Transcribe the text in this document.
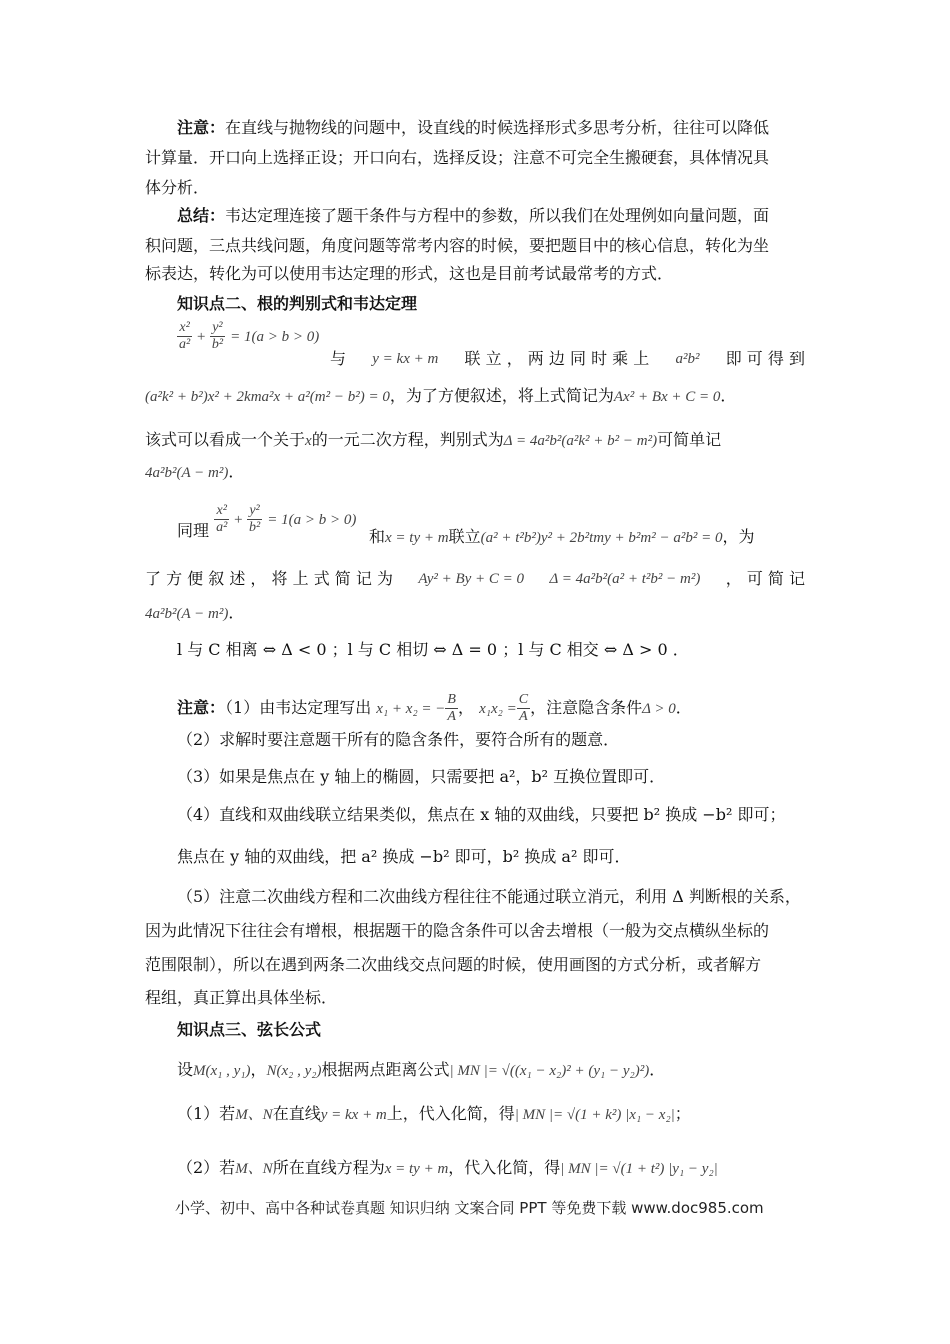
注意：在直线与抛物线的问题中，设直线的时候选择形式多思考分析，往往可以降低
计算量．开口向上选择正设；开口向右，选择反设；注意不可完全生搬硬套，具体情况具
体分析．
总结：韦达定理连接了题干条件与方程中的参数，所以我们在处理例如向量问题，面
积问题，三点共线问题，角度问题等常考内容的时候，要把题目中的核心信息，转化为坐
标表达，转化为可以使用韦达定理的形式，这也是目前考试最常考的方式．
知识点二、根的判别式和韦达定理
$\frac{\text{x²}}{\text{a²}} + \frac{\text{y²}}{\text{b²}} = 1(a > b > 0)$
与 y = kx + m 联 立 ， 两 边 同 时 乘 上 a²b² 即 可 得 到
(a²k² + b²)x² + 2kma²x + a²(m² − b²) = 0，为了方便叙述，将上式简记为Ax² + Bx + C = 0．
该式可以看成一个关于x的一元二次方程，判别式为Δ = 4a²b²(a²k² + b² − m²)可简单记
4a²b²(A − m²)．
同理 $\frac{\text{x²}}{\text{a²}} + \frac{\text{y²}}{\text{b²}} = 1(a > b > 0)$
和x = ty + m联立(a² + t²b²)y² + 2b²tmy + b²m² − a²b² = 0，为
了 方 便 叙 述 ， 将 上 式 简 记 为 Ay² + By + C = 0 Δ = 4a²b²(a² + t²b² − m²) ， 可 简 记
4a²b²(A − m²)．
l 与 C 相离 ⇔ Δ < 0 ；l 与 C 相切 ⇔ Δ = 0 ；l 与 C 相交 ⇔ Δ > 0 ．
注意：（1）由韦达定理写出 x₁ + x₂ = − $\frac{B}{A}$ ， $x_1x_2 = \frac{C}{A}$ ，注意隐含条件Δ > 0．
（2）求解时要注意题干所有的隐含条件，要符合所有的题意．
（3）如果是焦点在 y 轴上的椭圆，只需要把 a²，b² 互换位置即可．
（4）直线和双曲线联立结果类似，焦点在 x 轴的双曲线，只要把 b² 换成 −b² 即可；
焦点在 y 轴的双曲线，把 a² 换成 −b² 即可，b² 换成 a² 即可．
（5）注意二次曲线方程和二次曲线方程往往不能通过联立消元，利用 Δ 判断根的关系，
因为此情况下往往会有增根，根据题干的隐含条件可以舍去增根（一般为交点横纵坐标的
范围限制），所以在遇到两条二次曲线交点问题的时候，使用画图的方式分析，或者解方
程组，真正算出具体坐标．
知识点三、弦长公式
设M(x₁ , y₁)，N(x₂ , y₂)根据两点距离公式| MN |= √((x₁ − x₂)² + (y₁ − y₂)²)．
（1）若M、N在直线y = kx + m上，代入化简，得| MN |= √(1 + k²) |x₁ − x₂|；
（2）若M、N所在直线方程为x = ty + m，代入化简，得| MN |= √(1 + t²) |y₁ − y₂|
小学、初中、高中各种试卷真题 知识归纳 文案合同 PPT 等免费下载 www.doc985.com
